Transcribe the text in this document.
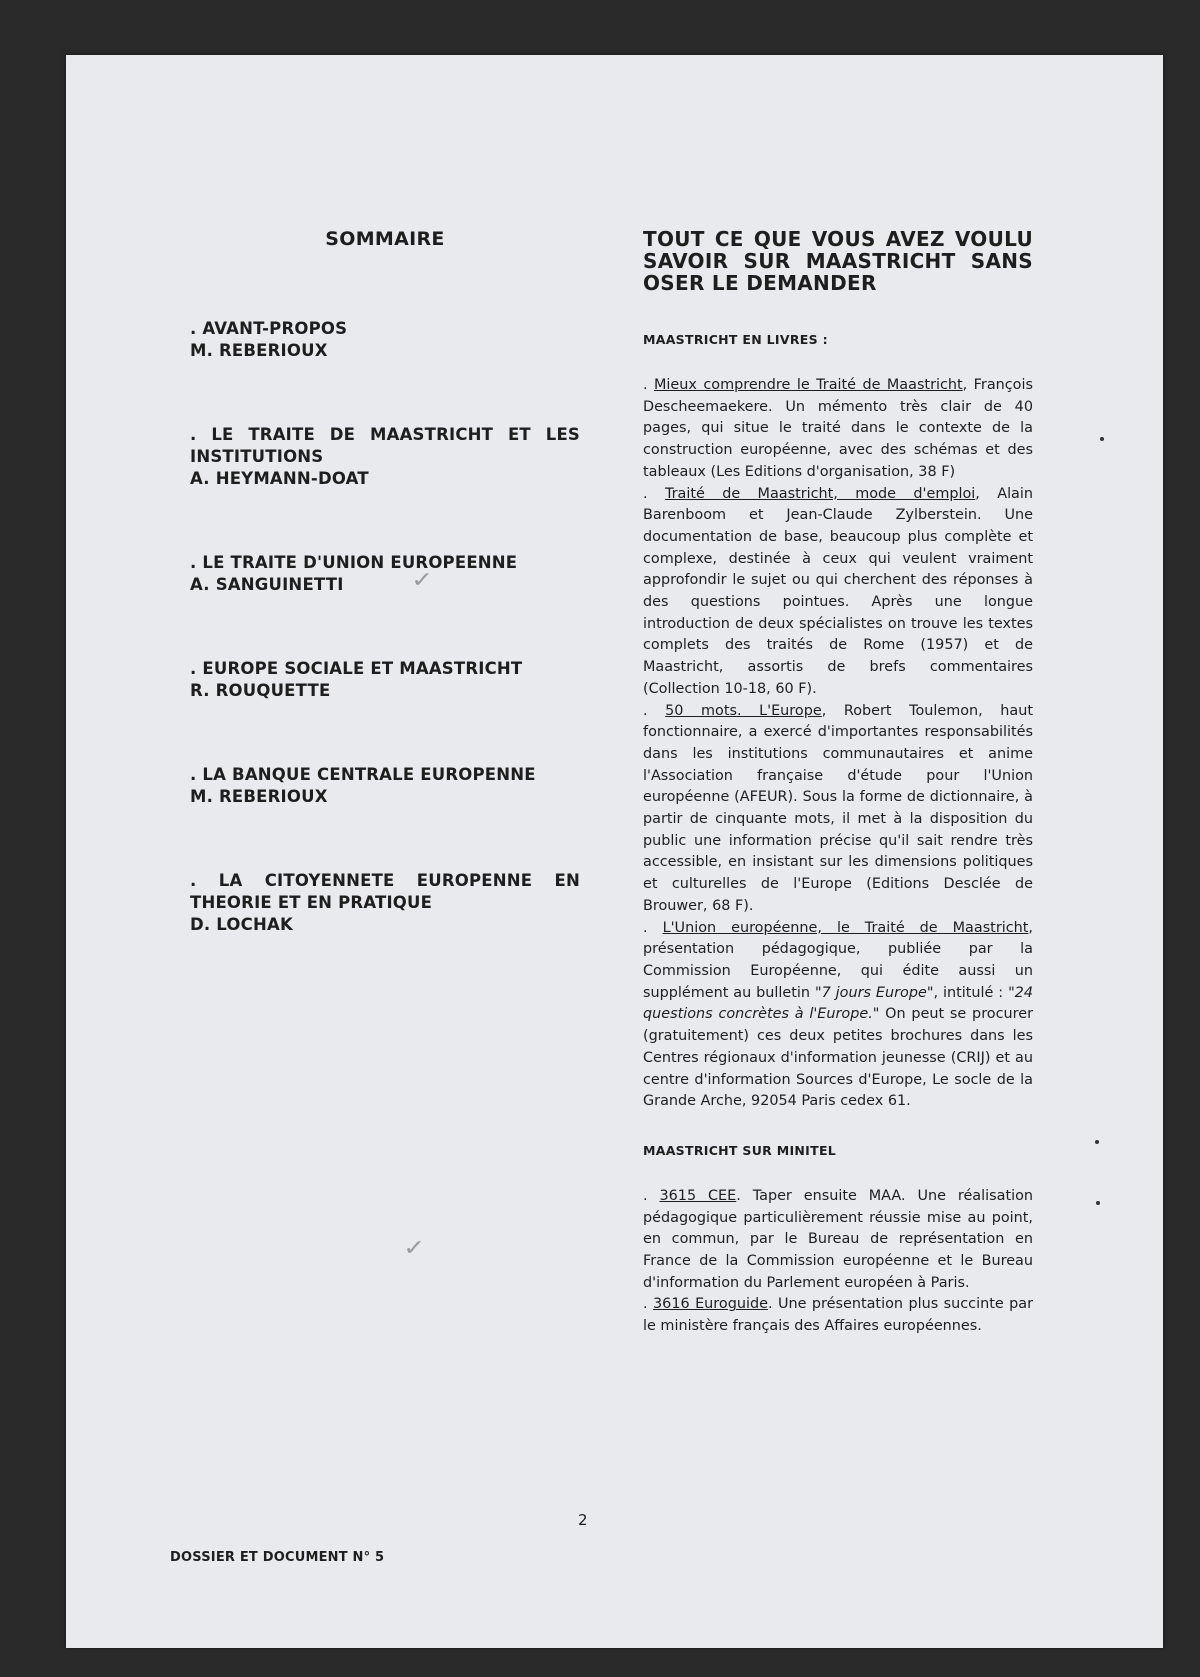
SOMMAIRE
. AVANT-PROPOS
M. REBERIOUX
. LE TRAITE DE MAASTRICHT ET LES INSTITUTIONS
A. HEYMANN-DOAT
. LE TRAITE D'UNION EUROPEENNE
A. SANGUINETTI
. EUROPE SOCIALE ET MAASTRICHT
R. ROUQUETTE
. LA BANQUE CENTRALE EUROPENNE
M. REBERIOUX
. LA CITOYENNETE EUROPENNE EN THEORIE ET EN PRATIQUE
D. LOCHAK
TOUT CE QUE VOUS AVEZ VOULU SAVOIR SUR MAASTRICHT SANS OSER LE DEMANDER
MAASTRICHT EN LIVRES :

. Mieux comprendre le Traité de Maastricht, François Descheemaekere. Un mémento très clair de 40 pages, qui situe le traité dans le contexte de la construction européenne, avec des schémas et des tableaux (Les Editions d'organisation, 38 F)

. Traité de Maastricht, mode d'emploi, Alain Barenboom et Jean-Claude Zylberstein. Une documentation de base, beaucoup plus complète et complexe, destinée à ceux qui veulent vraiment approfondir le sujet ou qui cherchent des réponses à des questions pointues. Après une longue introduction de deux spécialistes on trouve les textes complets des traités de Rome (1957) et de Maastricht, assortis de brefs commentaires (Collection 10-18, 60 F).

. 50 mots. L'Europe, Robert Toulemon, haut fonctionnaire, a exercé d'importantes responsabilités dans les institutions communautaires et anime l'Association française d'étude pour l'Union européenne (AFEUR). Sous la forme de dictionnaire, à partir de cinquante mots, il met à la disposition du public une information précise qu'il sait rendre très accessible, en insistant sur les dimensions politiques et culturelles de l'Europe (Editions Desclée de Brouwer, 68 F).

. L'Union européenne, le Traité de Maastricht, présentation pédagogique, publiée par la Commission Européenne, qui édite aussi un supplément au bulletin "7 jours Europe", intitulé : "24 questions concrètes à l'Europe." On peut se procurer (gratuitement) ces deux petites brochures dans les Centres régionaux d'information jeunesse (CRIJ) et au centre d'information Sources d'Europe, Le socle de la Grande Arche, 92054 Paris cedex 61.

MAASTRICHT SUR MINITEL

. 3615 CEE. Taper ensuite MAA. Une réalisation pédagogique particulièrement réussie mise au point, en commun, par le Bureau de représentation en France de la Commission européenne et le Bureau d'information du Parlement européen à Paris.

. 3616 Euroguide. Une présentation plus succinte par le ministère français des Affaires européennes.

✓
✓
2
DOSSIER ET DOCUMENT N° 5
